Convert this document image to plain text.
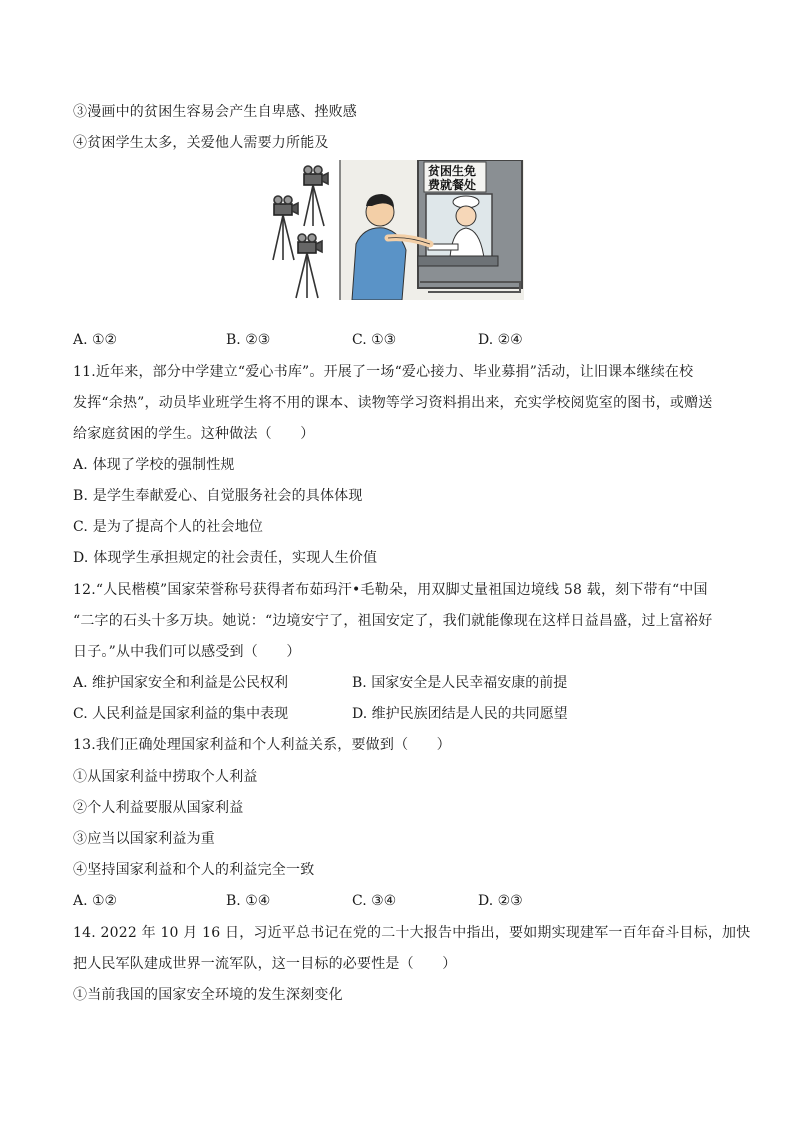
③漫画中的贫困生容易会产生自卑感、挫败感
④贫困学生太多，关爱他人需要力所能及
贫困生免
费就餐处
A. ①②	B. ②③	C. ①③	D. ②④
11.近年来，部分中学建立“爱心书库”。开展了一场“爱心接力、毕业募捐”活动，让旧课本继续在校
发挥“余热”，动员毕业班学生将不用的课本、读物等学习资料捐出来，充实学校阅览室的图书，或赠送
给家庭贫困的学生。这种做法（　　）
A. 体现了学校的强制性规
B. 是学生奉献爱心、自觉服务社会的具体体现
C. 是为了提高个人的社会地位
D. 体现学生承担规定的社会责任，实现人生价值
12.“人民楷模”国家荣誉称号获得者布茹玛汗•毛勒朵，用双脚丈量祖国边境线 58 载，刻下带有“中国
“二字的石头十多万块。她说：“边境安宁了，祖国安定了，我们就能像现在这样日益昌盛，过上富裕好
日子。”从中我们可以感受到（　　）
A. 维护国家安全和利益是公民权利	B. 国家安全是人民幸福安康的前提
C. 人民利益是国家利益的集中表现	D. 维护民族团结是人民的共同愿望
13.我们正确处理国家利益和个人利益关系，要做到（　　）
①从国家利益中捞取个人利益
②个人利益要服从国家利益
③应当以国家利益为重
④坚持国家利益和个人的利益完全一致
A. ①②	B. ①④	C. ③④	D. ②③
14. 2022 年 10 月 16 日，习近平总书记在党的二十大报告中指出，要如期实现建军一百年奋斗目标，加快
把人民军队建成世界一流军队，这一目标的必要性是（　　）
①当前我国的国家安全环境的发生深刻变化
